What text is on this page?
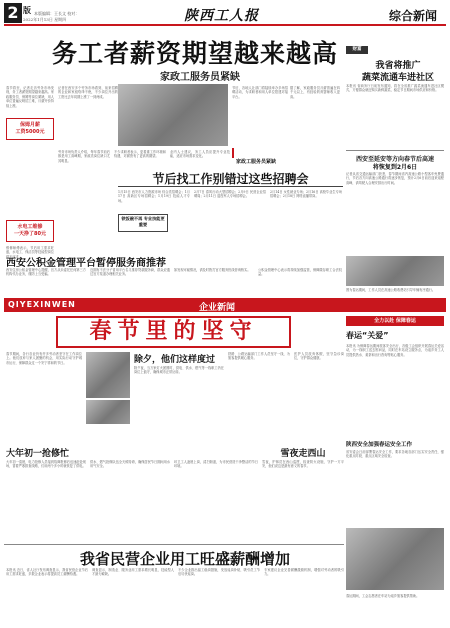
2 版 本版编辑：王长文 校对：
2022年1月13日 星期四	陕西工人报	综合新闻
务工者薪资期望越来越高
家政工服务员紧缺
春节将至，记者走访劳务市场发现，务工者薪资期望越来越高。家政服务员、保姆等岗位紧缺，用人单位普遍反映招工难，月薪开价持续上涨。
保姆月薪
工资5000元
水电工维修
一天挣了80元
维修师傅表示，节后用工需求旺盛，水电工、保洁员等技能型岗位供不应求。
记者在西安多个劳务市场看到，前来招聘的企业和家庭络绎不绝，不少岗位开出的工资比去年同期上涨了一到两成。
劳务市场负责人介绍，每年春节前后都是用工高峰期，家政类岗位缺口尤其明显。
不少求职者表示，更看重工作环境和待遇，对薪资有了更高的期望。
铁饭碗不再 专业技能更重要
业内人士建议，务工人员应提升专业技能，适应市场需求变化。
节后，各地人社部门将陆续举办多场招聘活动，为求职者和用人单位搭建对接平台。
家政工服务员紧缺
据了解，家政服务员月薪普遍在四千元以上，有经验的育婴师收入更高。
节后找工作别错过这些招聘会
1月15日 西安市人力资源市场 综合类招聘会；1月17日 高新区专场招聘会；1月19日 技能人才专场。
2月7日 春风行动大型招聘会；2月9日 民营企业招聘周；2月11日 退役军人专场招聘会。
2月14日 女性就业专场；2月16日 高校毕业生专场招聘会；2月18日 网络直播带岗。
财富
我省将推广
蔬菜流通车进社区
本报讯 省商务厅日前发布通知，将在全省推广蔬菜流通车进社区模式，方便群众就近购买新鲜蔬菜，稳定节日期间市场供应和价格。
西安至延安等方向春节后高速
将恢复到2月6日
记者从省交通运输部门获悉，春节期间省内高速公路小型客车免费通行，节后各方向高速公路通行将逐步恢复，预计2月6日前后迎来返程高峰，请驾驶人合理安排出行时间。
图为春运期间，工作人员在高速公路收费站引导车辆有序通行。
西安公积金管理平台暂停服务商推荐
西安住房公积金管理中心提醒，官方从未委托任何第三方机构代办业务，谨防上当受骗。
近期有不法分子冒用平台名义推荐贷款服务商，群众应通过官方渠道办理相关业务。
如发现可疑情况，请及时拨打官方服务热线咨询核实。	公积金管理中心表示将持续加强监管，保障缴存职工合法权益。
QIYEXINWEN	企业新闻
春节里的坚守
春节期间，各行各业仍有许多劳动者坚守在工作岗位上。他们放弃与家人团聚的机会，用实际行动守护城市运行，保障群众过一个安宁祥和的节日。	除夕，他们这样度过
除夕夜，当万家灯火团圆时，供电、供水、燃气等一线职工仍在岗位上值守，确保城市正常运转。
铁路、公路运输部门工作人员坚守一线，为旅客提供暖心服务。
医护人员放弃休假，坚守急诊岗位，守护群众健康。
大年初一抢修忙
大年初一清晨，电力抢修人员接到故障报修后迅速赶赴现场，冒着严寒排查线路，仅用两个多小时就恢复了供电。
供水、燃气抢修队伍全天候待命，确保居民节日期间用水用气安全。
环卫工人凌晨上岗，清扫街道，为市民营造干净整洁的节日环境。
雪夜走西山
雪夜，护林员在西山巡逻，检查防火设施，守护一方平安，他们说这是最有意义的春节。
全力以赴 保障春运
春运“关爱”
本报讯 为保障春运期间旅客安全出行，各级工会组织开展春运关爱活动，为一线职工送去慰问品，同时在车站设立服务点，为返乡务工人员提供热水、姜茶和出行咨询等贴心服务。
陕西安全加强春运安全工作
省安委会日前部署春运安全工作，要求各地各部门压实安全责任，强化重点时段、重点区域安全检查。
我省民营企业用工旺盛薪酬增加
本报讯 近日，省人社厅发布调查显示，我省民营企业节后用工需求旺盛，多数企业表示将提高员工薪酬待遇。
调查显示，制造业、服务业用工需求增长明显，技能型人才最为紧缺。
不少企业推出留工稳岗措施，发放返岗补贴，吸引员工节后尽快返岗。
专家建议企业完善薪酬激励机制，增强对劳动者的吸引力。
春运期间，工会志愿者在车站为返乡旅客提供帮助。
